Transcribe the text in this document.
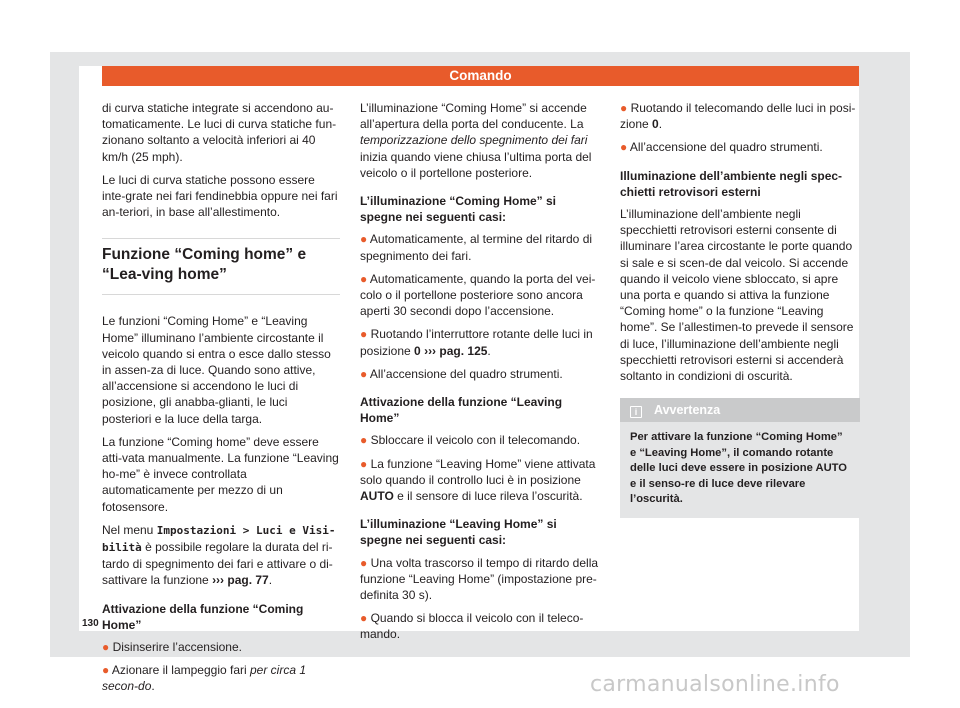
Comando

di curva statiche integrate si accendono au-tomaticamente. Le luci di curva statiche fun-zionano soltanto a velocità inferiori ai 40 km/h (25 mph).

Le luci di curva statiche possono essere inte-grate nei fari fendinebbia oppure nei fari an-teriori, in base all’allestimento.

Funzione “Coming home” e “Lea-ving home”

Le funzioni “Coming Home” e “Leaving Home” illuminano l’ambiente circostante il veicolo quando si entra o esce dallo stesso in assen-za di luce. Quando sono attive, all’accensione si accendono le luci di posizione, gli anabba-glianti, le luci posteriori e la luce della targa.

La funzione “Coming home” deve essere atti-vata manualmente. La funzione “Leaving ho-me” è invece controllata automaticamente per mezzo di un fotosensore.

Nel menu Impostazioni > Luci e Visi-bilità è possibile regolare la durata del ri-tardo di spegnimento dei fari e attivare o di-sattivare la funzione ››› pag. 77.

Attivazione della funzione “Coming Home”

● Disinserire l’accensione.

● Azionare il lampeggio fari per circa 1 secon-do.

L’illuminazione “Coming Home” si accende all’apertura della porta del conducente. La temporizzazione dello spegnimento dei fari inizia quando viene chiusa l’ultima porta del veicolo o il portellone posteriore.

L’illuminazione “Coming Home” si spegne nei seguenti casi:

● Automaticamente, al termine del ritardo di spegnimento dei fari.

● Automaticamente, quando la porta del vei-colo o il portellone posteriore sono ancora aperti 30 secondi dopo l’accensione.

● Ruotando l’interruttore rotante delle luci in posizione 0 ››› pag. 125.

● All’accensione del quadro strumenti.

Attivazione della funzione “Leaving Home”

● Sbloccare il veicolo con il telecomando.

● La funzione “Leaving Home” viene attivata solo quando il controllo luci è in posizione AUTO e il sensore di luce rileva l’oscurità.

L’illuminazione “Leaving Home” si spegne nei seguenti casi:

● Una volta trascorso il tempo di ritardo della funzione “Leaving Home” (impostazione pre-definita 30 s).

● Quando si blocca il veicolo con il teleco-mando.

● Ruotando il telecomando delle luci in posi-zione 0.

● All’accensione del quadro strumenti.

Illuminazione dell’ambiente negli spec-chietti retrovisori esterni

L’illuminazione dell’ambiente negli specchietti retrovisori esterni consente di illuminare l’area circostante le porte quando si sale e si scen-de dal veicolo. Si accende quando il veicolo viene sbloccato, si apre una porta e quando si attiva la funzione “Coming home” o la funzione “Leaving home”. Se l’allestimen-to prevede il sensore di luce, l’illuminazione dell’ambiente negli specchietti retrovisori esterni si accenderà soltanto in condizioni di oscurità.

i Avvertenza
Per attivare la funzione “Coming Home” e “Leaving Home”, il comando rotante delle luci deve essere in posizione AUTO e il senso-re di luce deve rilevare l’oscurità.
130
carmanualsonline.info
